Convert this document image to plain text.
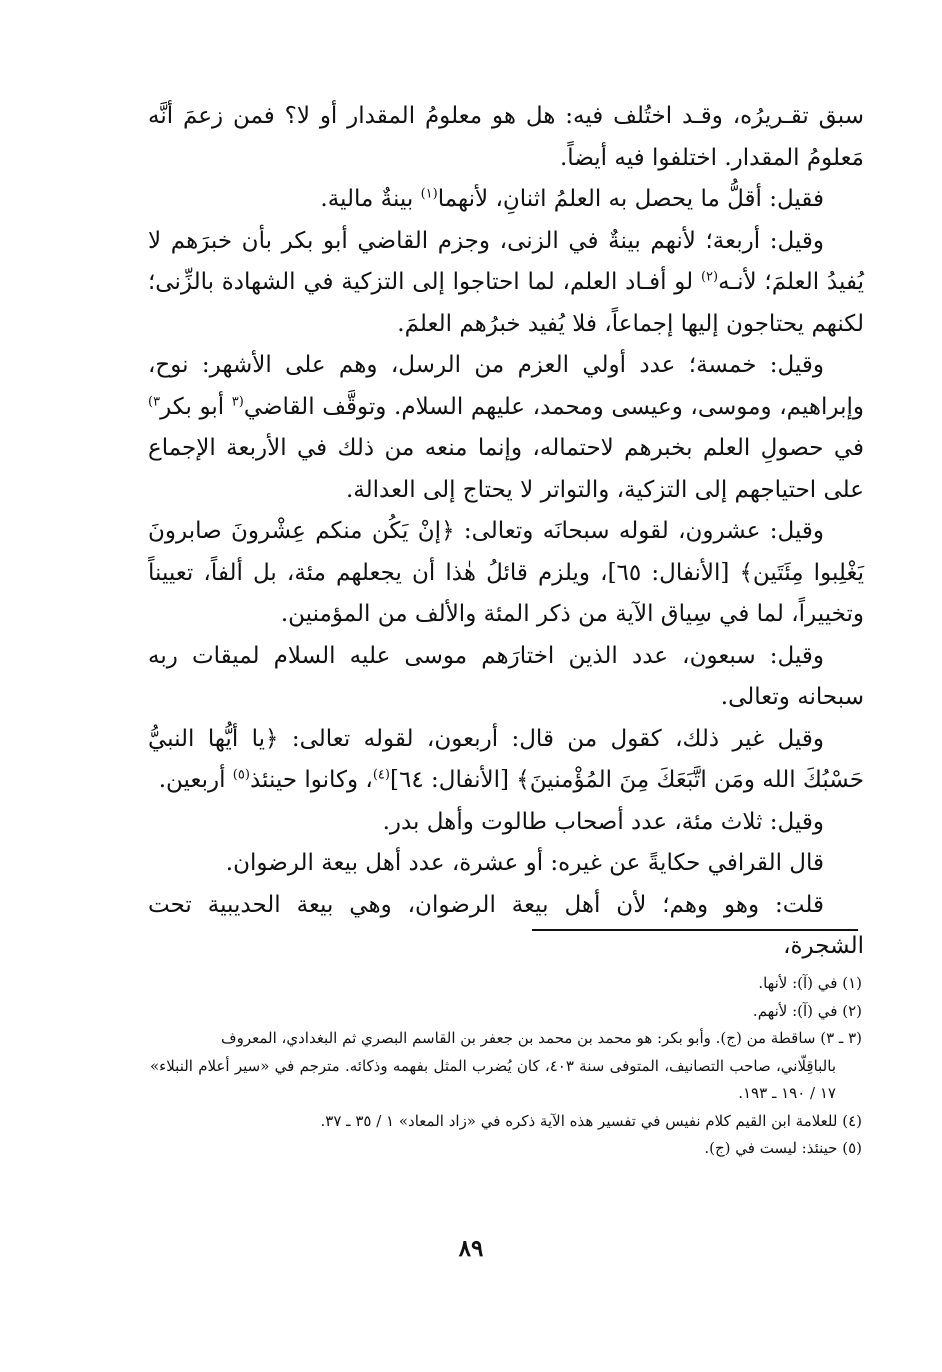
سبق تقـريرُه، وقـد اختُلف فيه: هل هو معلومُ المقدار أو لا؟ فمن زعمَ أنَّه مَعلومُ المقدار. اختلفوا فيه أيضاً.

فقيل: أقلُّ ما يحصل به العلمُ اثنانِ، لأنهما$^{(١)}$ بينةٌ مالية.

وقيل: أربعة؛ لأنهم بينةٌ في الزنى، وجزم القاضي أبو بكر بأن خبرَهم لا يُفيدُ العلمَ؛ لأنـه$^{(٢)}$ لو أفـاد العلم، لما احتاجوا إلى التزكية في الشهادة بالزِّنى؛ لكنهم يحتاجون إليها إجماعاً، فلا يُفيد خبرُهم العلمَ.

وقيل: خمسة؛ عدد أولي العزم من الرسل، وهم على الأشهر: نوح، وإبراهيم، وموسى، وعيسى ومحمد، عليهم السلام. وتوقَّف القاضي$^{(٣}$ أبو بكر$^{٣)}$ في حصولِ العلم بخبرهم لاحتماله، وإنما منعه من ذلك في الأربعة الإجماع على احتياجهم إلى التزكية، والتواتر لا يحتاج إلى العدالة.

وقيل: عشرون، لقوله سبحانَه وتعالى: ﴿إنْ يَكُن منكم عِشْرونَ صابرونَ يَغْلِبوا مِئَتَين﴾ [الأنفال: ٦٥]، ويلزم قائلُ هٰذا أن يجعلهم مئة، بل ألفاً، تعييناً وتخييراً، لما في سِياق الآية من ذكر المئة والألف من المؤمنين.

وقيل: سبعون، عدد الذين اختارَهم موسى عليه السلام لميقات ربه سبحانه وتعالى.

وقيل غير ذلك، كقول من قال: أربعون، لقوله تعالى: ﴿يا أيُّها النبيُّ حَسْبُكَ الله ومَن اتَّبَعَكَ مِنَ المُؤْمنينَ﴾ [الأنفال: ٦٤]$^{(٤)}$، وكانوا حينئذ$^{(٥)}$ أربعين.

وقيل: ثلاث مئة، عدد أصحاب طالوت وأهل بدر.

قال القرافي حكايةً عن غيره: أو عشرة، عدد أهل بيعة الرضوان.

قلت: وهو وهم؛ لأن أهل بيعة الرضوان، وهي بيعة الحديبية تحت الشجرة،

(١) في (آ): لأنها.

(٢) في (آ): لأنهم.

(٣ ـ ٣) ساقطة من (ج). وأبو بكر: هو محمد بن محمد بن جعفر بن القاسم البصري ثم البغدادي، المعروف

بالباقِلّاني، صاحب التصانيف، المتوفى سنة ٤٠٣، كان يُضرب المثل بفهمه وذكائه. مترجم في «سير أعلام النبلاء» ١٧ / ١٩٠ ـ ١٩٣.

(٤) للعلامة ابن القيم كلام نفيس في تفسير هذه الآية ذكره في «زاد المعاد» ١ / ٣٥ ـ ٣٧.

(٥) حينئذ: ليست في (ج).

٨٩
